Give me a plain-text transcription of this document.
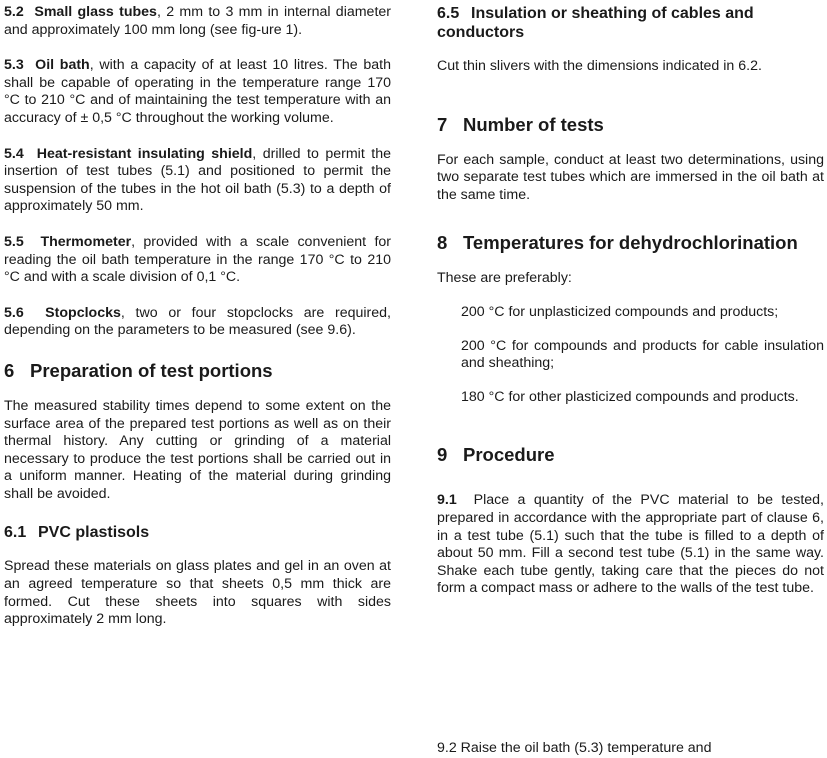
5.2 Small glass tubes, 2 mm to 3 mm in internal diameter and approximately 100 mm long (see fig-ure 1).

5.3 Oil bath, with a capacity of at least 10 litres. The bath shall be capable of operating in the temperature range 170 °C to 210 °C and of maintaining the test temperature with an accuracy of ± 0,5 °C throughout the working volume.

5.4 Heat-resistant insulating shield, drilled to permit the insertion of test tubes (5.1) and positioned to permit the suspension of the tubes in the hot oil bath (5.3) to a depth of approximately 50 mm.

5.5 Thermometer, provided with a scale convenient for reading the oil bath temperature in the range 170 °C to 210 °C and with a scale division of 0,1 °C.

5.6 Stopclocks, two or four stopclocks are required, depending on the parameters to be measured (see 9.6).

6 Preparation of test portions

The measured stability times depend to some extent on the surface area of the prepared test portions as well as on their thermal history. Any cutting or grinding of a material necessary to produce the test portions shall be carried out in a uniform manner. Heating of the material during grinding shall be avoided.

6.1 PVC plastisols

Spread these materials on glass plates and gel in an oven at an agreed temperature so that sheets 0,5 mm thick are formed. Cut these sheets into squares with sides approximately 2 mm long.

6.5 Insulation or sheathing of cables and conductors

Cut thin slivers with the dimensions indicated in 6.2.

7 Number of tests

For each sample, conduct at least two determinations, using two separate test tubes which are immersed in the oil bath at the same time.

8 Temperatures for dehydrochlorination

These are preferably:

200 °C for unplasticized compounds and products;

200 °C for compounds and products for cable insulation and sheathing;

180 °C for other plasticized compounds and products.

9 Procedure

9.1 Place a quantity of the PVC material to be tested, prepared in accordance with the appropriate part of clause 6, in a test tube (5.1) such that the tube is filled to a depth of about 50 mm. Fill a second test tube (5.1) in the same way. Shake each tube gently, taking care that the pieces do not form a compact mass or adhere to the walls of the test tube.

9.2 Raise the oil bath (5.3) temperature and
